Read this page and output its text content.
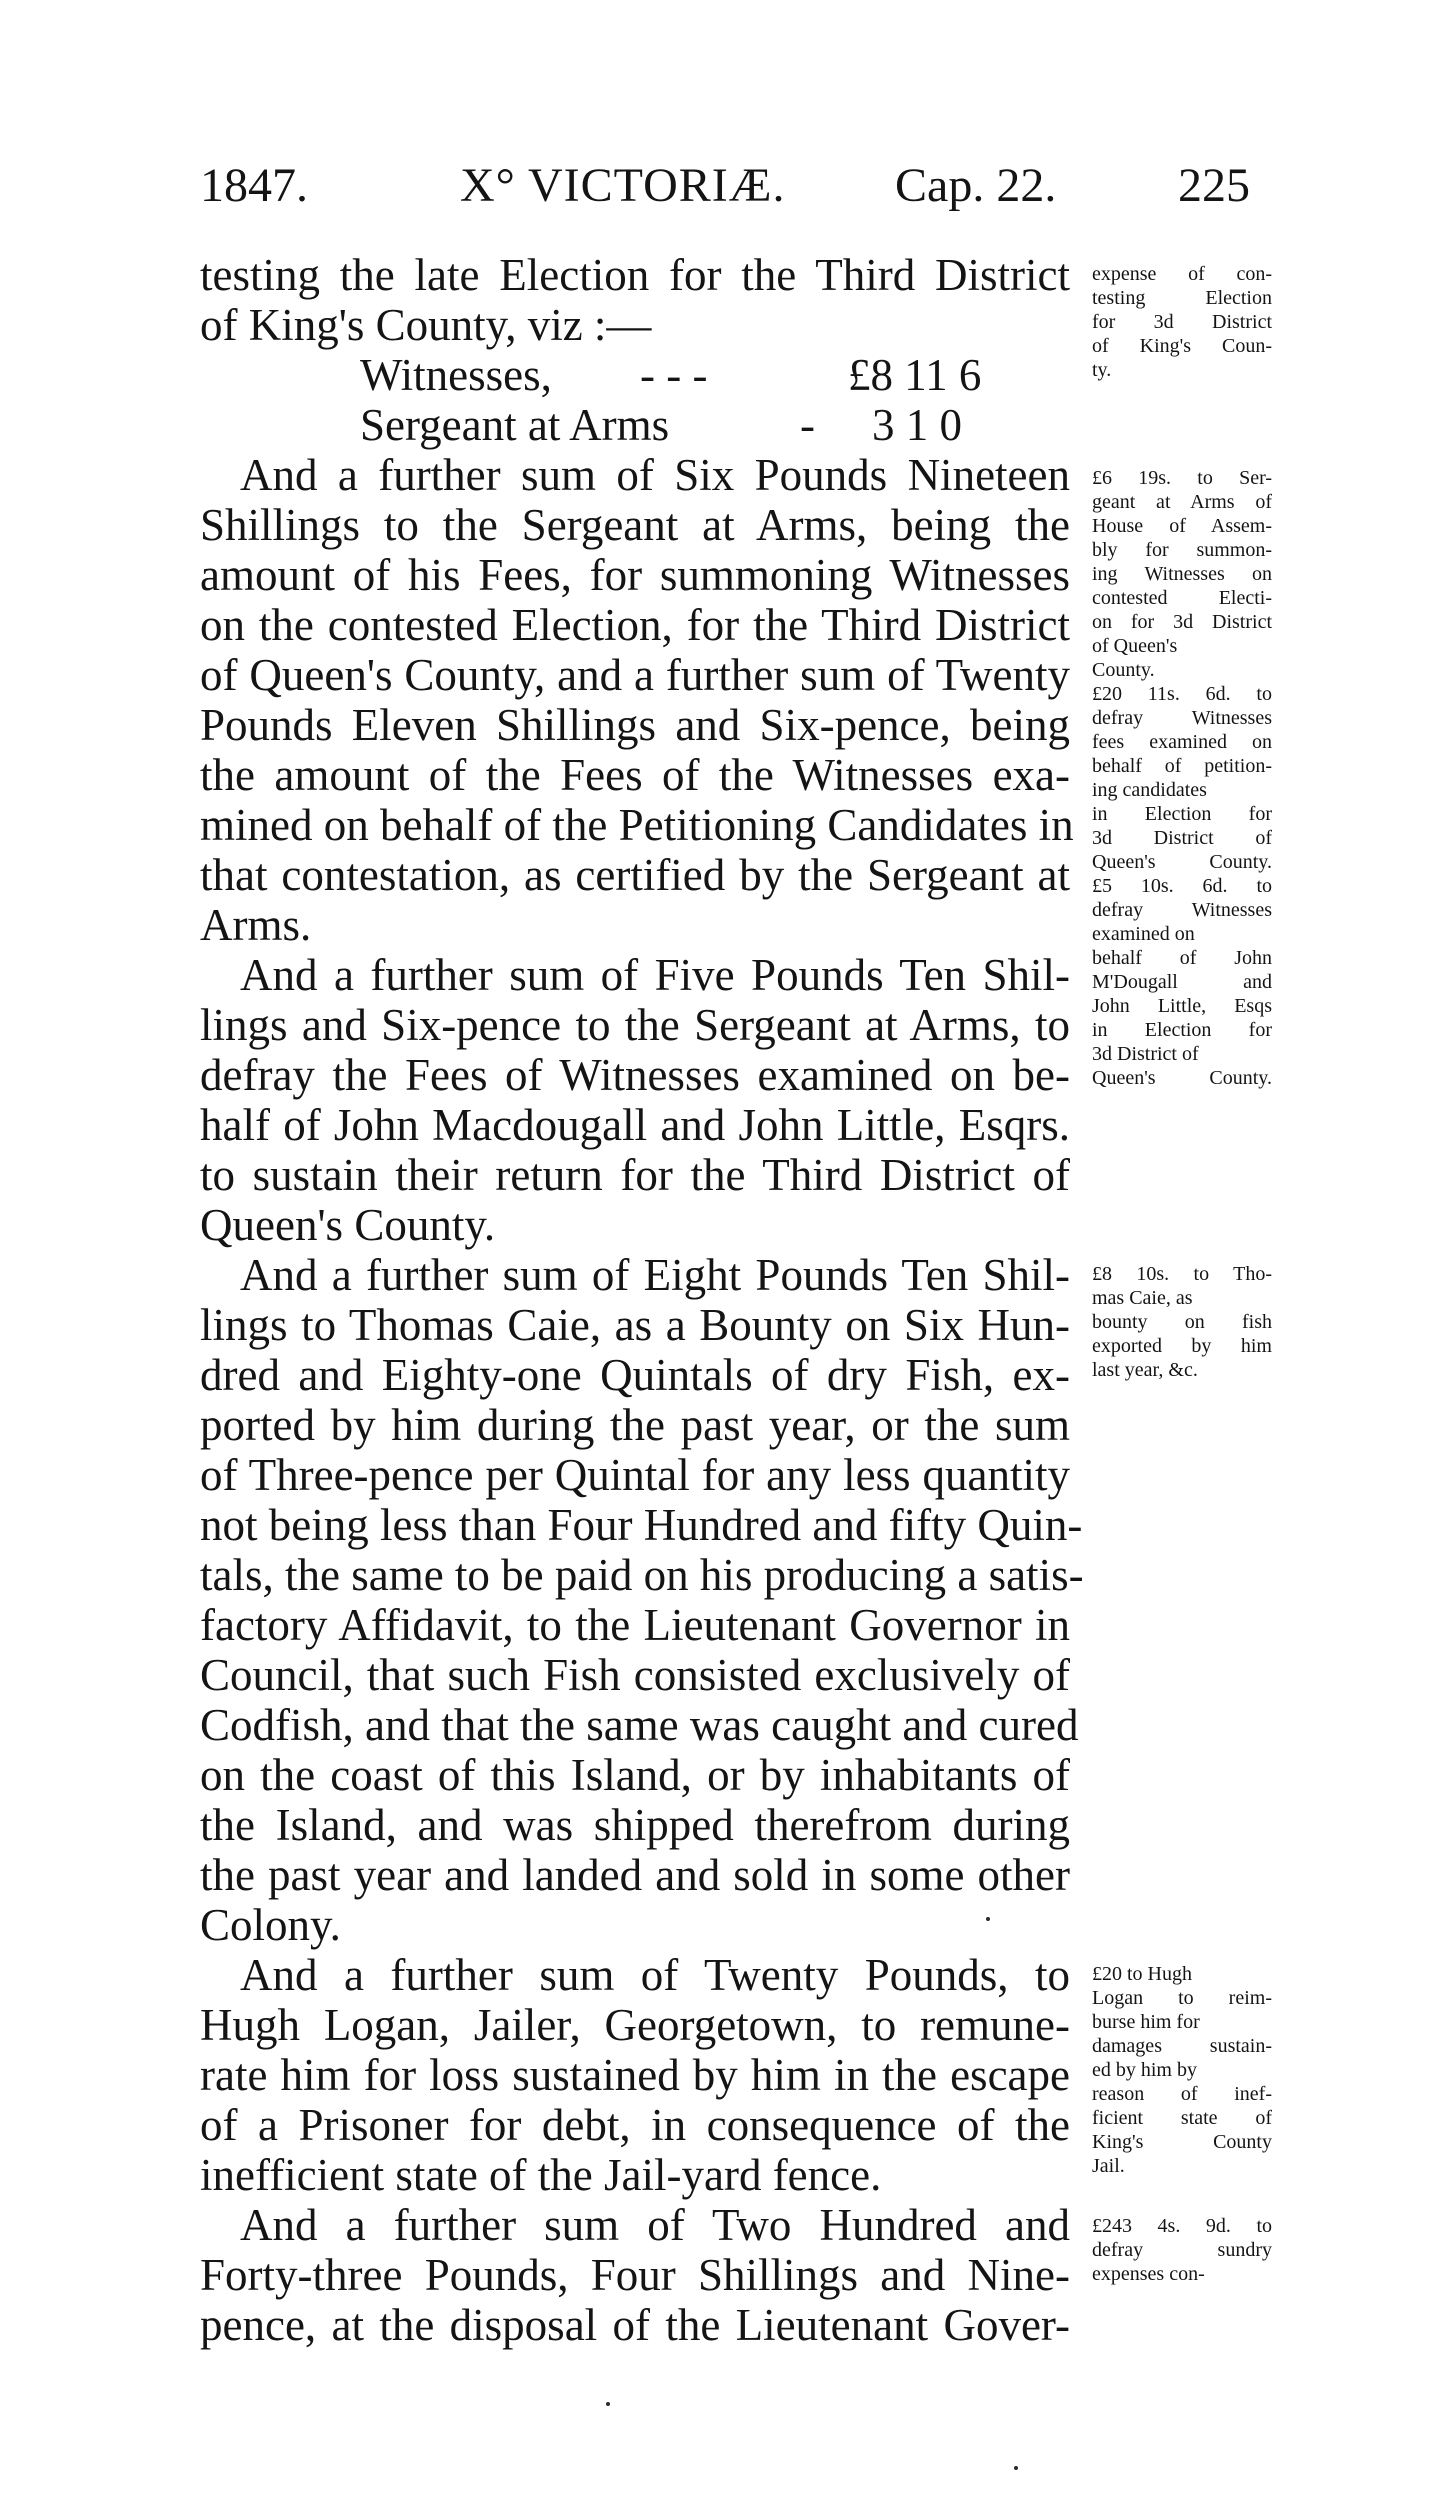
1847.	X° VICTORIÆ. Cap. 22.	225
testing the late Election for the Third District
of King's County, viz :—
Witnesses, - - -	£8 11 6
Sergeant at Arms	- 3 1 0
And a further sum of Six Pounds Nineteen
Shillings to the Sergeant at Arms, being the
amount of his Fees, for summoning Witnesses
on the contested Election, for the Third District
of Queen's County, and a further sum of Twenty
Pounds Eleven Shillings and Six-pence, being
the amount of the Fees of the Witnesses exa-
mined on behalf of the Petitioning Candidates in
that contestation, as certified by the Sergeant at
Arms.
And a further sum of Five Pounds Ten Shil-
lings and Six-pence to the Sergeant at Arms, to
defray the Fees of Witnesses examined on be-
half of John Macdougall and John Little, Esqrs.
to sustain their return for the Third District of
Queen's County.
And a further sum of Eight Pounds Ten Shil-
lings to Thomas Caie, as a Bounty on Six Hun-
dred and Eighty-one Quintals of dry Fish, ex-
ported by him during the past year, or the sum
of Three-pence per Quintal for any less quantity
not being less than Four Hundred and fifty Quin-
tals, the same to be paid on his producing a satis-
factory Affidavit, to the Lieutenant Governor in
Council, that such Fish consisted exclusively of
Codfish, and that the same was caught and cured
on the coast of this Island, or by inhabitants of
the Island, and was shipped therefrom during
the past year and landed and sold in some other
Colony.
And a further sum of Twenty Pounds, to
Hugh Logan, Jailer, Georgetown, to remune-
rate him for loss sustained by him in the escape
of a Prisoner for debt, in consequence of the
inefficient state of the Jail-yard fence.
And a further sum of Two Hundred and
Forty-three Pounds, Four Shillings and Nine-
pence, at the disposal of the Lieutenant Gover-
expense of con-
testing Election
for 3d District
of King's Coun-
ty.
£6 19s. to Ser-
geant at Arms of
House of Assem-
bly for summon-
ing Witnesses on
contested Electi-
on for 3d District
of Queen's
County.
£20 11s. 6d. to
defray Witnesses
fees examined on
behalf of petition-
ing candidates
in Election for
3d District of
Queen's County.
£5 10s. 6d. to
defray Witnesses
examined on
behalf of John
M'Dougall and
John Little, Esqs
in Election for
3d District of
Queen's County.
£8 10s. to Tho-
mas Caie, as
bounty on fish
exported by him
last year, &c.
£20 to Hugh
Logan to reim-
burse him for
damages sustain-
ed by him by
reason of inef-
ficient state of
King's County
Jail.
£243 4s. 9d. to
defray sundry
expenses con-
